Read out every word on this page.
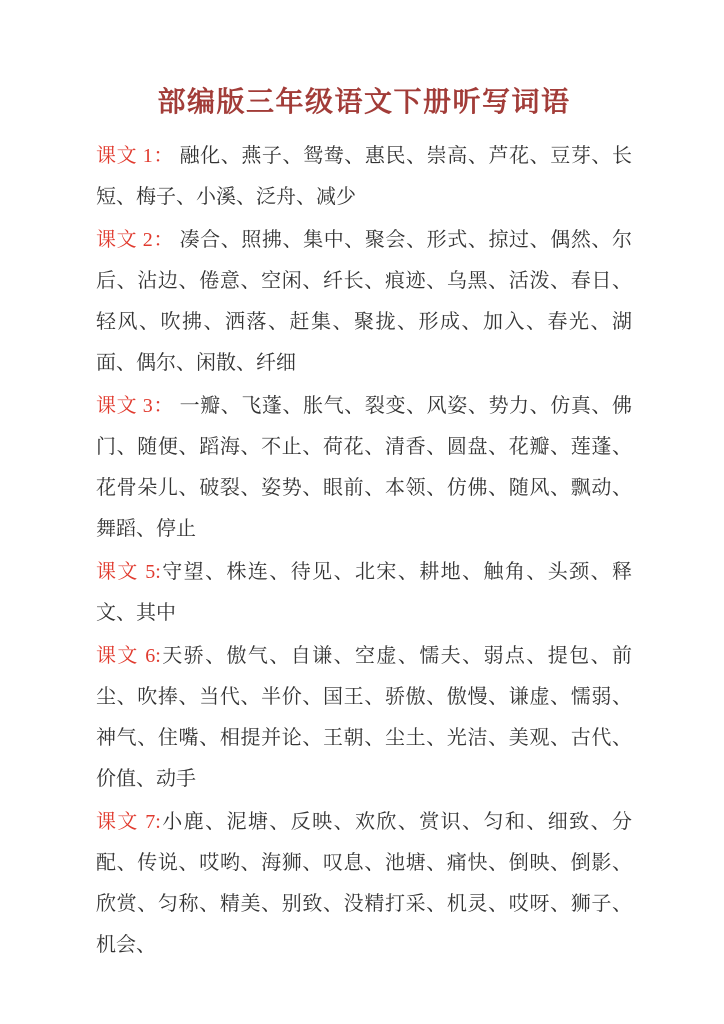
部编版三年级语文下册听写词语

课文 1： 融化、燕子、鸳鸯、惠民、崇高、芦花、豆芽、长短、梅子、小溪、泛舟、减少

课文 2： 凑合、照拂、集中、聚会、形式、掠过、偶然、尔后、沾边、倦意、空闲、纤长、痕迹、乌黑、活泼、春日、轻风、吹拂、洒落、赶集、聚拢、形成、加入、春光、湖面、偶尔、闲散、纤细

课文 3： 一瓣、飞蓬、胀气、裂变、风姿、势力、仿真、佛门、随便、蹈海、不止、荷花、清香、圆盘、花瓣、莲蓬、花骨朵儿、破裂、姿势、眼前、本领、仿佛、随风、飘动、舞蹈、停止

课文 5:守望、株连、待见、北宋、耕地、触角、头颈、释文、其中

课文 6:天骄、傲气、自谦、空虚、懦夫、弱点、提包、前尘、吹捧、当代、半价、国王、骄傲、傲慢、谦虚、懦弱、神气、住嘴、相提并论、王朝、尘土、光洁、美观、古代、价值、动手

课文 7:小鹿、泥塘、反映、欢欣、赏识、匀和、细致、分配、传说、哎哟、海狮、叹息、池塘、痛快、倒映、倒影、欣赏、匀称、精美、别致、没精打采、机灵、哎呀、狮子、机会、
